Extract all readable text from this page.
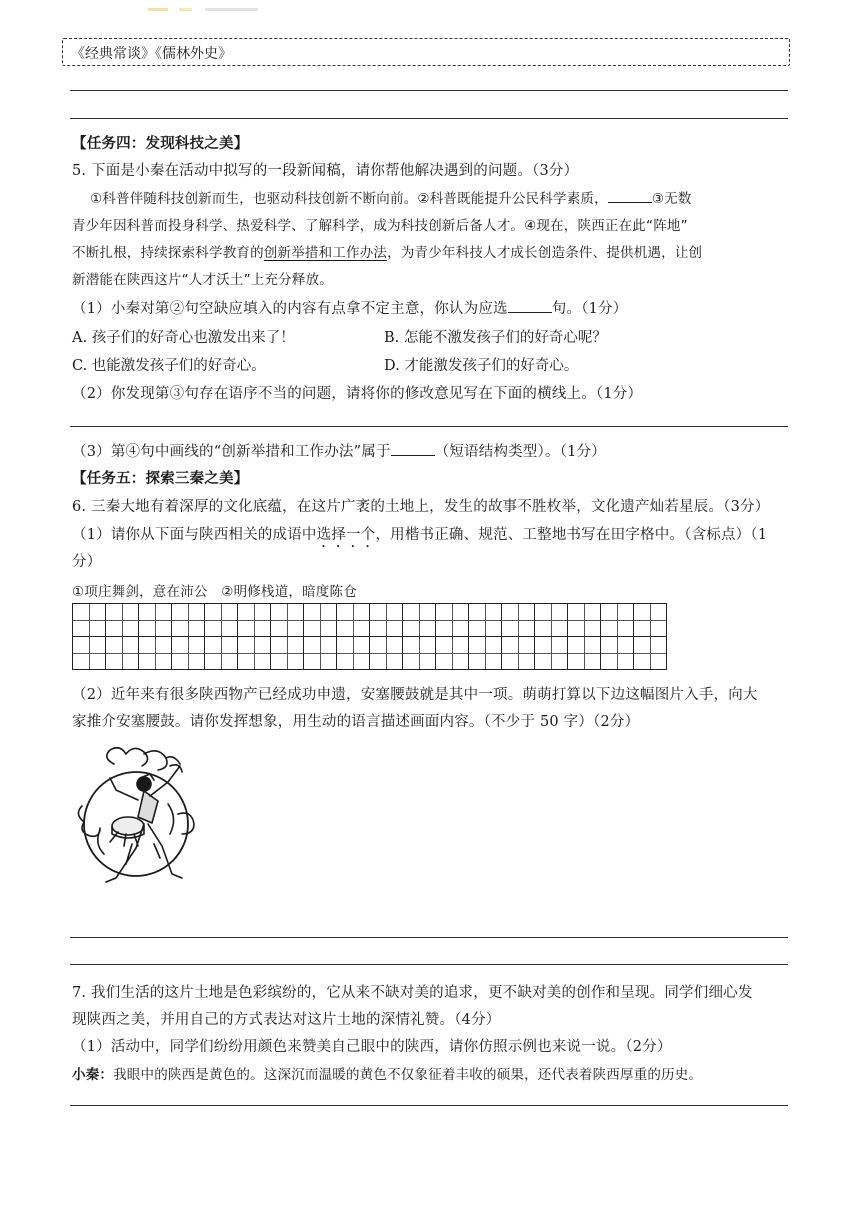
《经典常谈》《儒林外史》
【任务四：发现科技之美】
5. 下面是小秦在活动中拟写的一段新闻稿，请你帮他解决遇到的问题。（3分）
①科普伴随科技创新而生，也驱动科技创新不断向前。②科普既能提升公民科学素质，	③无数
青少年因科普而投身科学、热爱科学、了解科学，成为科技创新后备人才。④现在，陕西正在此“阵地”
不断扎根，持续探索科学教育的创新举措和工作办法，为青少年科技人才成长创造条件、提供机遇，让创
新潜能在陕西这片“人才沃土”上充分释放。
（1）小秦对第②句空缺应填入的内容有点拿不定主意，你认为应选	句。（1分）
A. 孩子们的好奇心也激发出来了！	B. 怎能不激发孩子们的好奇心呢？
C. 也能激发孩子们的好奇心。	D. 才能激发孩子们的好奇心。
（2）你发现第③句存在语序不当的问题，请将你的修改意见写在下面的横线上。（1分）
（3）第④句中画线的“创新举措和工作办法”属于	（短语结构类型）。（1分）
【任务五：探索三秦之美】
6. 三秦大地有着深厚的文化底蕴，在这片广袤的土地上，发生的故事不胜枚举，文化遗产灿若星辰。（3分）
（1）请你从下面与陕西相关的成语中选择一个，用楷书正确、规范、工整地书写在田字格中。（含标点）（1
分）
①项庄舞剑，意在沛公　②明修栈道，暗度陈仓

（2）近年来有很多陕西物产已经成功申遗，安塞腰鼓就是其中一项。萌萌打算以下边这幅图片入手，向大
家推介安塞腰鼓。请你发挥想象，用生动的语言描述画面内容。（不少于 50 字）（2分）
7. 我们生活的这片土地是色彩缤纷的，它从来不缺对美的追求，更不缺对美的创作和呈现。同学们细心发
现陕西之美，并用自己的方式表达对这片土地的深情礼赞。（4分）
（1）活动中，同学们纷纷用颜色来赞美自己眼中的陕西，请你仿照示例也来说一说。（2分）
小秦：我眼中的陕西是黄色的。这深沉而温暖的黄色不仅象征着丰收的硕果，还代表着陕西厚重的历史。
